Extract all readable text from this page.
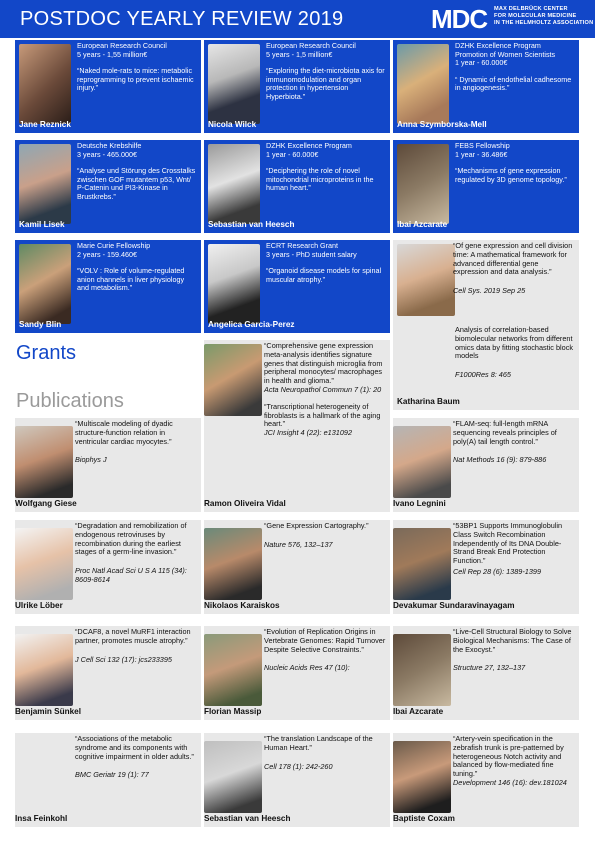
POSTDOC YEARLY REVIEW 2019	MDC MAX DELBRÜCK CENTER
FOR MOLECULAR MEDICINE
IN THE HELMHOLTZ ASSOCIATION
European Research Council
5 years - 1,55 million€
“Naked mole-rats to mice: metabolic reprogramming to prevent ischaemic injury.”
Jane Reznick
European Research Council
5 years - 1,5 million€
“Exploring the diet-microbiota axis for immunomodulation and organ protection in hypertension Hyperbiota.”
Nicola Wilck
DZHK Excellence Program Promotion of Women Scientists
1 year - 60.000€
“ Dynamic of endothelial cadhesome in angiogenesis.”
Anna Szymborska-Mell
Deutsche Krebshilfe
3 years - 465.000€
“Analyse und Störung des Crosstalks zwischen GOF mutantem p53, Wnt/ P-Catenin und PI3-Kinase in Brustkrebs.”
Kamil Lisek
DZHK Excellence Program
1 year - 60.000€
“Deciphering the role of novel mitochondrial microproteins in the human heart.”
Sebastian van Heesch
FEBS Fellowship
1 year - 36.486€
“Mechanisms of gene expression regulated by 3D genome topology.”
Ibai Azcarate
Marie Curie Fellowship
2 years - 159.460€
“VOLV : Role of volume-regulated anion channels in liver physiology and metabolism.”
Sandy Blin
ECRT Research Grant
3 years - PhD student salary
“Organoid disease models for spinal muscular atrophy.”
Angelica Garcia-Perez
Grants
Publications
“Of gene expression and cell division time: A mathematical framework for advanced differential gene expression and data analysis.”
Cell Sys. 2019 Sep 25
Analysis of correlation-based biomolecular networks from different omics data by fitting stochastic block models
F1000Res 8: 465
Katharina Baum
“Comprehensive gene expression meta-analysis identifies signature genes that distinguish microglia from peripheral monocytes/ macrophages in health and glioma.”
Acta Neuropathol Commun 7 (1): 20
“Transcriptional heterogeneity of fibroblasts is a hallmark of the aging heart.”
JCI Insight 4 (22): e131092
Ramon Oliveira Vidal
“Multiscale modeling of dyadic structure-function relation in ventricular cardiac myocytes.”
Biophys J
Wolfgang Giese
“FLAM-seq: full-length mRNA sequencing reveals principles of poly(A) tail length control.”
Nat Methods 16 (9): 879-886
Ivano Legnini
“Degradation and remobilization of endogenous retroviruses by recombination during the earliest stages of a germ-line invasion.”
Proc Natl Acad Sci U S A 115 (34): 8609-8614
Ulrike Löber
“Gene Expression Cartography.”
Nature 576, 132–137
Nikolaos Karaiskos
“53BP1 Supports Immunoglobulin Class Switch Recombination Independently of Its DNA Double-Strand Break End Protection Function.”
Cell Rep 28 (6): 1389-1399
Devakumar Sundaravinayagam
“DCAF8, a novel MuRF1 interaction partner, promotes muscle atrophy.”
J Cell Sci 132 (17): jcs233395
Benjamin Sünkel
“Evolution of Replication Origins in Vertebrate Genomes: Rapid Turnover Despite Selective Constraints.”
Nucleic Acids Res 47 (10):
Florian Massip
“Live-Cell Structural Biology to Solve Biological Mechanisms: The Case of the Exocyst.”
Structure 27, 132–137
Ibai Azcarate
“Associations of the metabolic syndrome and its components with cognitive impairment in older adults.”
BMC Geriatr 19 (1): 77
Insa Feinkohl
“The translation Landscape of the Human Heart.”
Cell 178 (1): 242-260
Sebastian van Heesch
“Artery-vein specification in the zebrafish trunk is pre-patterned by heterogeneous Notch activity and balanced by flow-mediated fine tuning.”
Development 146 (16): dev.181024
Baptiste Coxam
